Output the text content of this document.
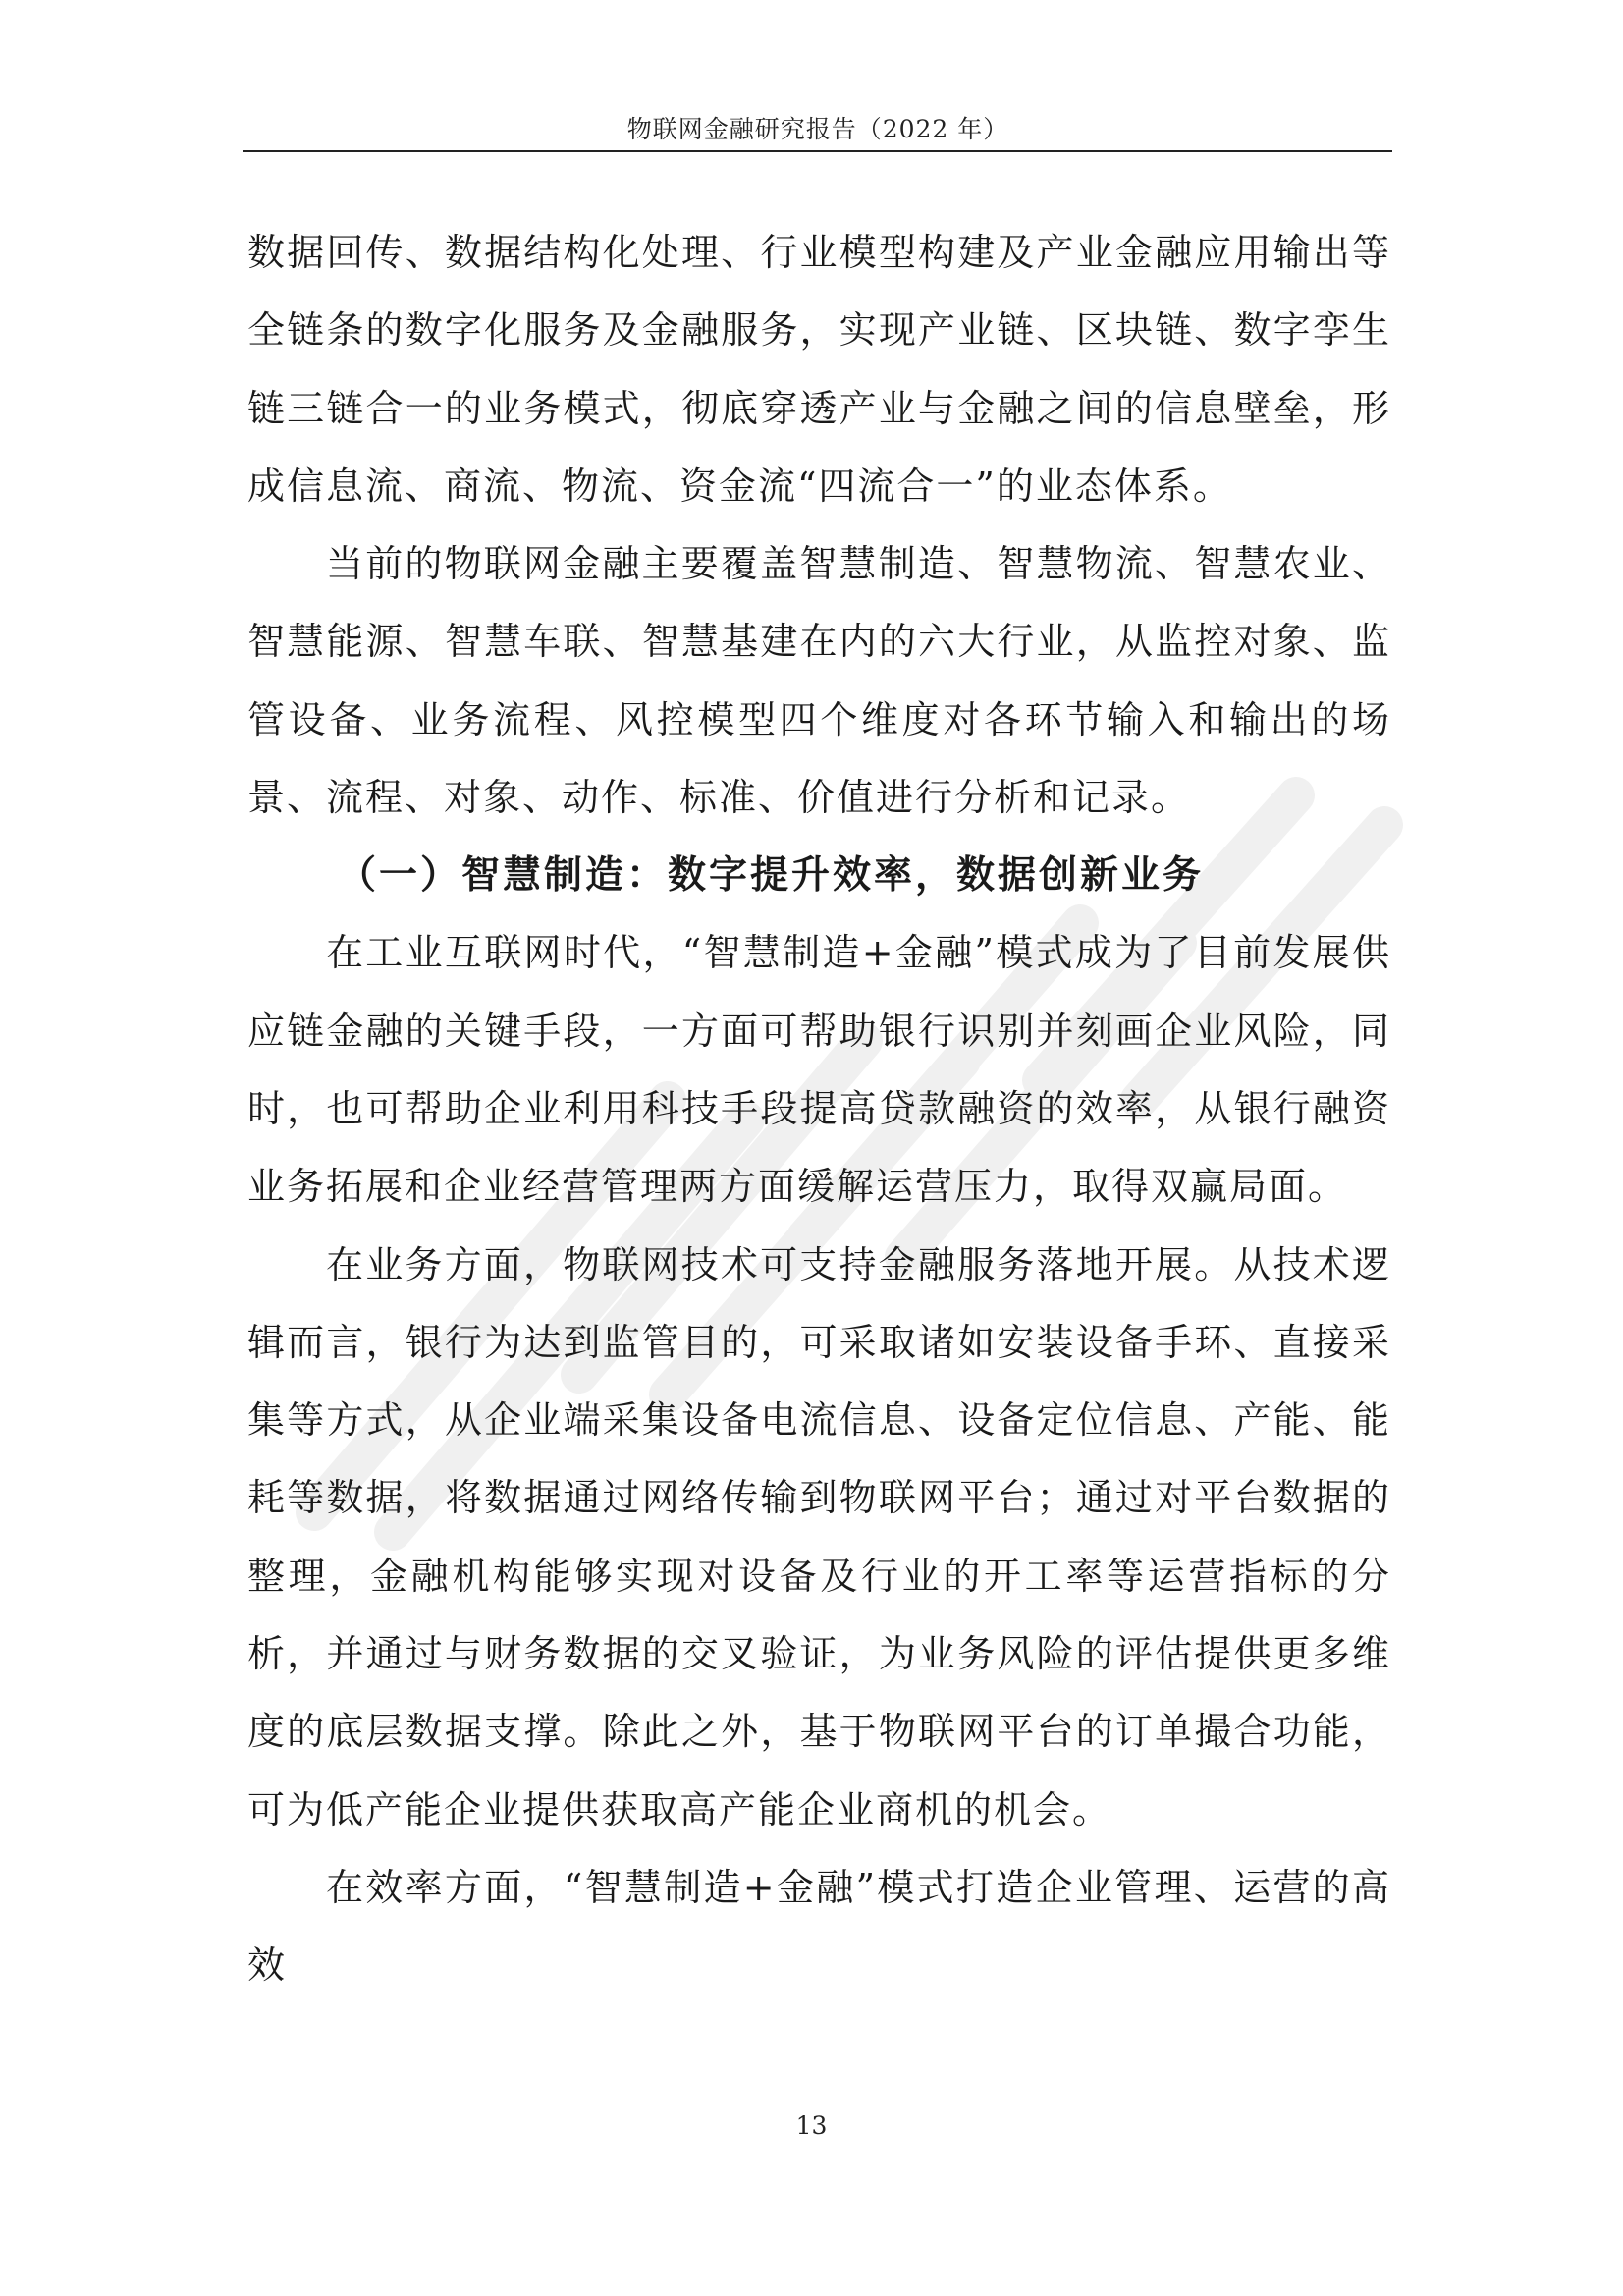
物联网金融研究报告（2022 年）

数据回传、数据结构化处理、行业模型构建及产业金融应用输出等全链条的数字化服务及金融服务，实现产业链、区块链、数字孪生链三链合一的业务模式，彻底穿透产业与金融之间的信息壁垒，形成信息流、商流、物流、资金流“四流合一”的业态体系。

当前的物联网金融主要覆盖智慧制造、智慧物流、智慧农业、智慧能源、智慧车联、智慧基建在内的六大行业，从监控对象、监管设备、业务流程、风控模型四个维度对各环节输入和输出的场景、流程、对象、动作、标准、价值进行分析和记录。

（一）智慧制造：数字提升效率，数据创新业务

在工业互联网时代，“智慧制造+金融”模式成为了目前发展供应链金融的关键手段，一方面可帮助银行识别并刻画企业风险，同时，也可帮助企业利用科技手段提高贷款融资的效率，从银行融资业务拓展和企业经营管理两方面缓解运营压力，取得双赢局面。

在业务方面，物联网技术可支持金融服务落地开展。从技术逻辑而言，银行为达到监管目的，可采取诸如安装设备手环、直接采集等方式，从企业端采集设备电流信息、设备定位信息、产能、能耗等数据，将数据通过网络传输到物联网平台；通过对平台数据的整理，金融机构能够实现对设备及行业的开工率等运营指标的分析，并通过与财务数据的交叉验证，为业务风险的评估提供更多维度的底层数据支撑。除此之外，基于物联网平台的订单撮合功能，可为低产能企业提供获取高产能企业商机的机会。

在效率方面，“智慧制造+金融”模式打造企业管理、运营的高效

13
